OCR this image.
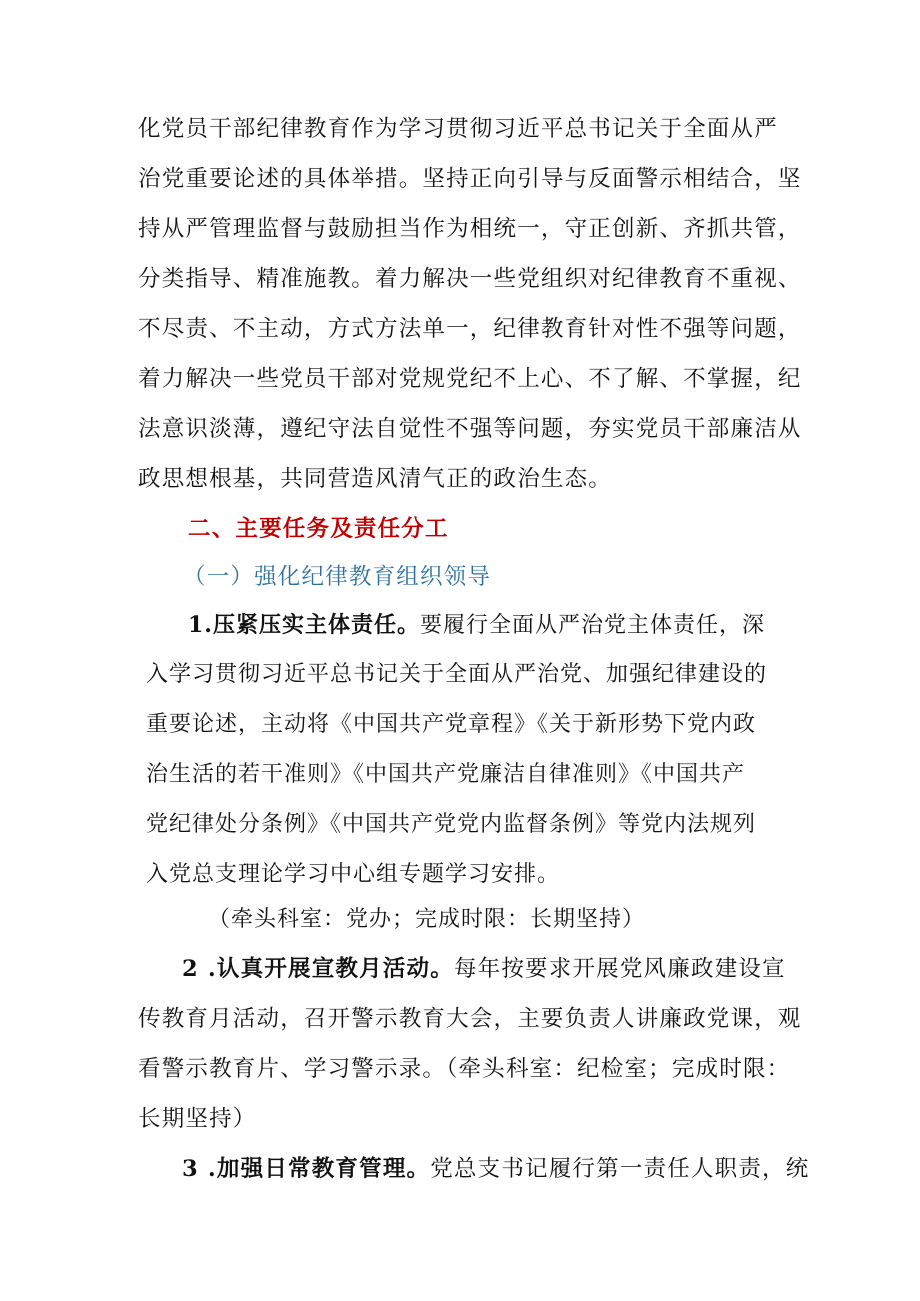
化党员干部纪律教育作为学习贯彻习近平总书记关于全面从严
治党重要论述的具体举措。坚持正向引导与反面警示相结合，坚
持从严管理监督与鼓励担当作为相统一，守正创新、齐抓共管，
分类指导、精准施教。着力解决一些党组织对纪律教育不重视、
不尽责、不主动，方式方法单一，纪律教育针对性不强等问题，
着力解决一些党员干部对党规党纪不上心、不了解、不掌握，纪
法意识淡薄，遵纪守法自觉性不强等问题，夯实党员干部廉洁从
政思想根基，共同营造风清气正的政治生态。
二、主要任务及责任分工
（一）强化纪律教育组织领导
1.压紧压实主体责任。要履行全面从严治党主体责任，深
入学习贯彻习近平总书记关于全面从严治党、加强纪律建设的
重要论述，主动将《中国共产党章程》《关于新形势下党内政
治生活的若干准则》《中国共产党廉洁自律准则》《中国共产
党纪律处分条例》《中国共产党党内监督条例》等党内法规列
入党总支理论学习中心组专题学习安排。
（牵头科室：党办；完成时限：长期坚持）
2 .认真开展宣教月活动。每年按要求开展党风廉政建设宣
传教育月活动，召开警示教育大会，主要负责人讲廉政党课，观
看警示教育片、学习警示录。（牵头科室：纪检室；完成时限：
长期坚持）
3 .加强日常教育管理。党总支书记履行第一责任人职责，统
